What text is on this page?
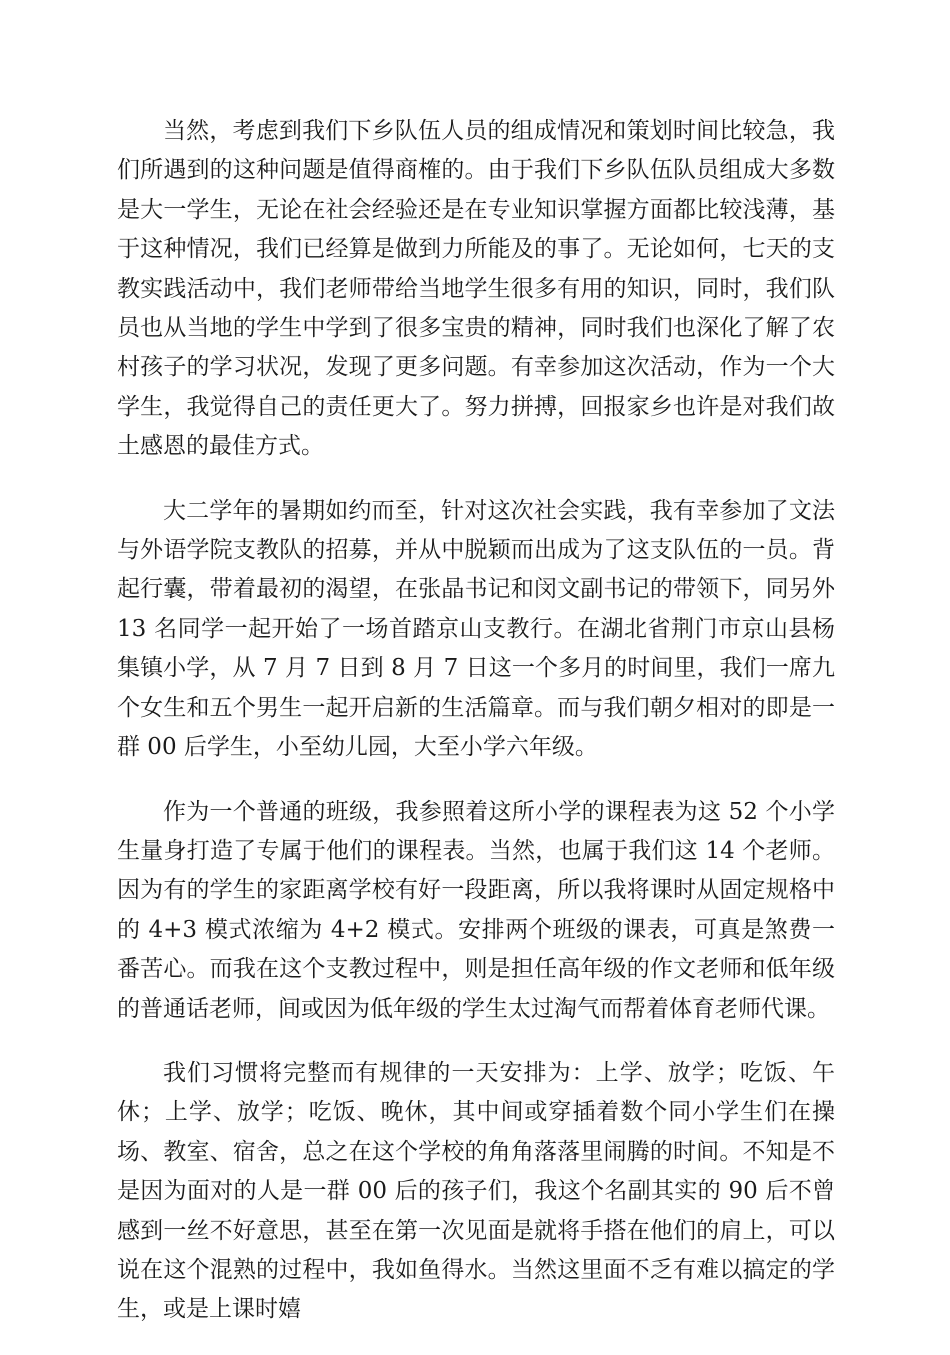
当然，考虑到我们下乡队伍人员的组成情况和策划时间比较急，我们所遇到的这种问题是值得商榷的。由于我们下乡队伍队员组成大多数是大一学生，无论在社会经验还是在专业知识掌握方面都比较浅薄，基于这种情况，我们已经算是做到力所能及的事了。无论如何，七天的支教实践活动中，我们老师带给当地学生很多有用的知识，同时，我们队员也从当地的学生中学到了很多宝贵的精神，同时我们也深化了解了农村孩子的学习状况，发现了更多问题。有幸参加这次活动，作为一个大学生，我觉得自己的责任更大了。努力拼搏，回报家乡也许是对我们故土感恩的最佳方式。

大二学年的暑期如约而至，针对这次社会实践，我有幸参加了文法与外语学院支教队的招募，并从中脱颖而出成为了这支队伍的一员。背起行囊，带着最初的渴望，在张晶书记和闵文副书记的带领下，同另外 13 名同学一起开始了一场首踏京山支教行。在湖北省荆门市京山县杨集镇小学，从 7 月 7 日到 8 月 7 日这一个多月的时间里，我们一席九个女生和五个男生一起开启新的生活篇章。而与我们朝夕相对的即是一群 00 后学生，小至幼儿园，大至小学六年级。

作为一个普通的班级，我参照着这所小学的课程表为这 52 个小学生量身打造了专属于他们的课程表。当然，也属于我们这 14 个老师。因为有的学生的家距离学校有好一段距离，所以我将课时从固定规格中的 4+3 模式浓缩为 4+2 模式。安排两个班级的课表，可真是煞费一番苦心。而我在这个支教过程中，则是担任高年级的作文老师和低年级的普通话老师，间或因为低年级的学生太过淘气而帮着体育老师代课。

我们习惯将完整而有规律的一天安排为：上学、放学；吃饭、午休；上学、放学；吃饭、晚休，其中间或穿插着数个同小学生们在操场、教室、宿舍，总之在这个学校的角角落落里闹腾的时间。不知是不是因为面对的人是一群 00 后的孩子们，我这个名副其实的 90 后不曾感到一丝不好意思，甚至在第一次见面是就将手搭在他们的肩上，可以说在这个混熟的过程中，我如鱼得水。当然这里面不乏有难以搞定的学生，或是上课时嬉
